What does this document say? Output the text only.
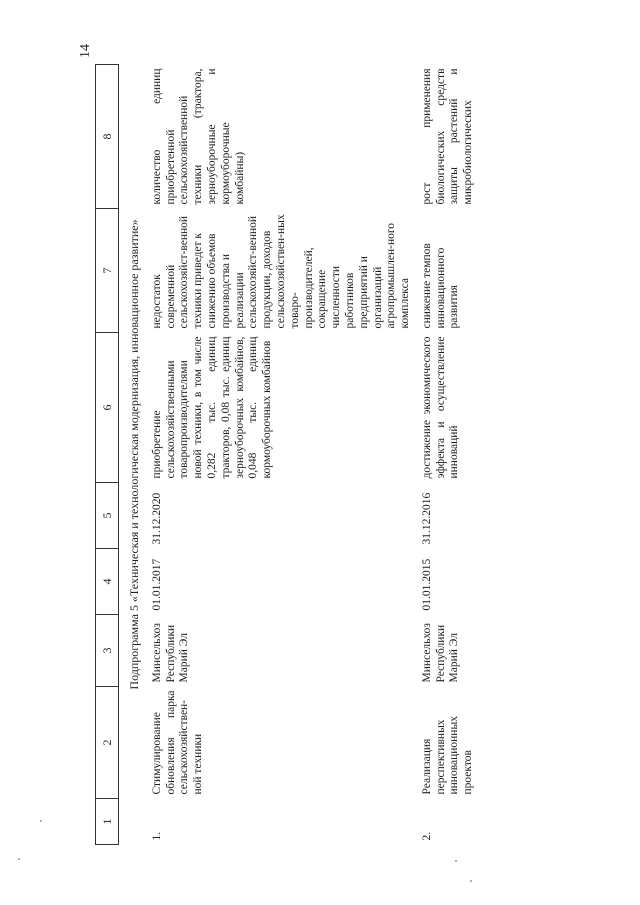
14
1	2	3	4	5	6	7	8
Подпрограмма 5 «Техническая и технологическая модернизация, инновационное развитие»							
1.	Стимулирование обновления парка сельскохозяйствен-ной техники	Минсельхоз Республики Марий Эл	01.01.2017	31.12.2020	приобретение сельскохозяйственными товаропроизводителями новой техники, в том числе 0,282 тыс. единиц тракторов, 0,08 тыс. единиц зерноуборочных комбайнов, 0,048 тыс. единиц кормоуборочных комбайнов	недостаток современной сельскохозяйст-венной техники приведет к снижению объемов производства и реализации сельскохозяйст-венной продукции, доходов сельскохозяйствен-ных товаро-производителей, сокращение численности работников предприятий и организаций агропромышлен-ного комплекса	количество единиц приобретенной сельскохозяйственной техники (трактора, зерноуборочные и кормоуборочные комбайны)
2.	Реализация перспективных инновационных проектов	Минсельхоз Республики Марий Эл	01.01.2015	31.12.2016	достижение экономического эффекта и осуществление инноваций	снижение темпов инновационного развития	рост применения биологических средств защиты растений и микробиологических
